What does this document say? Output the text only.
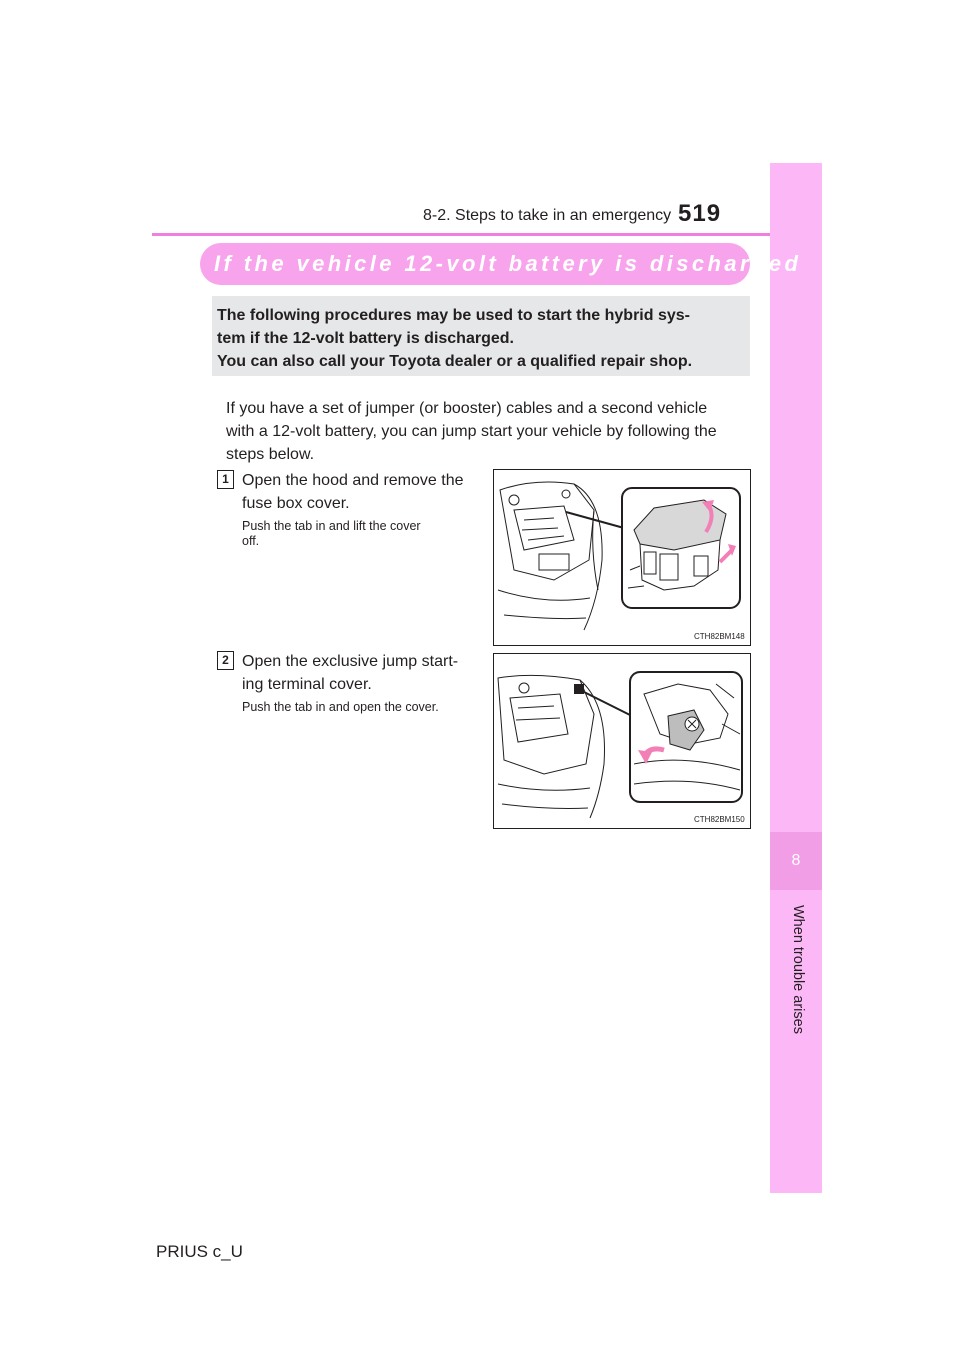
8-2. Steps to take in an emergency 519
8
When trouble arises
If the vehicle 12-volt battery is discharged
The following procedures may be used to start the hybrid sys-
tem if the 12-volt battery is discharged.
You can also call your Toyota dealer or a qualified repair shop.
If you have a set of jumper (or booster) cables and a second vehicle
with a 12-volt battery, you can jump start your vehicle by following the
steps below.
1 Open the hood and remove the
fuse box cover.
Push the tab in and lift the cover
off.
CTH82BM148
2 Open the exclusive jump start-
ing terminal cover.
Push the tab in and open the cover.
CTH82BM150
PRIUS c_U
